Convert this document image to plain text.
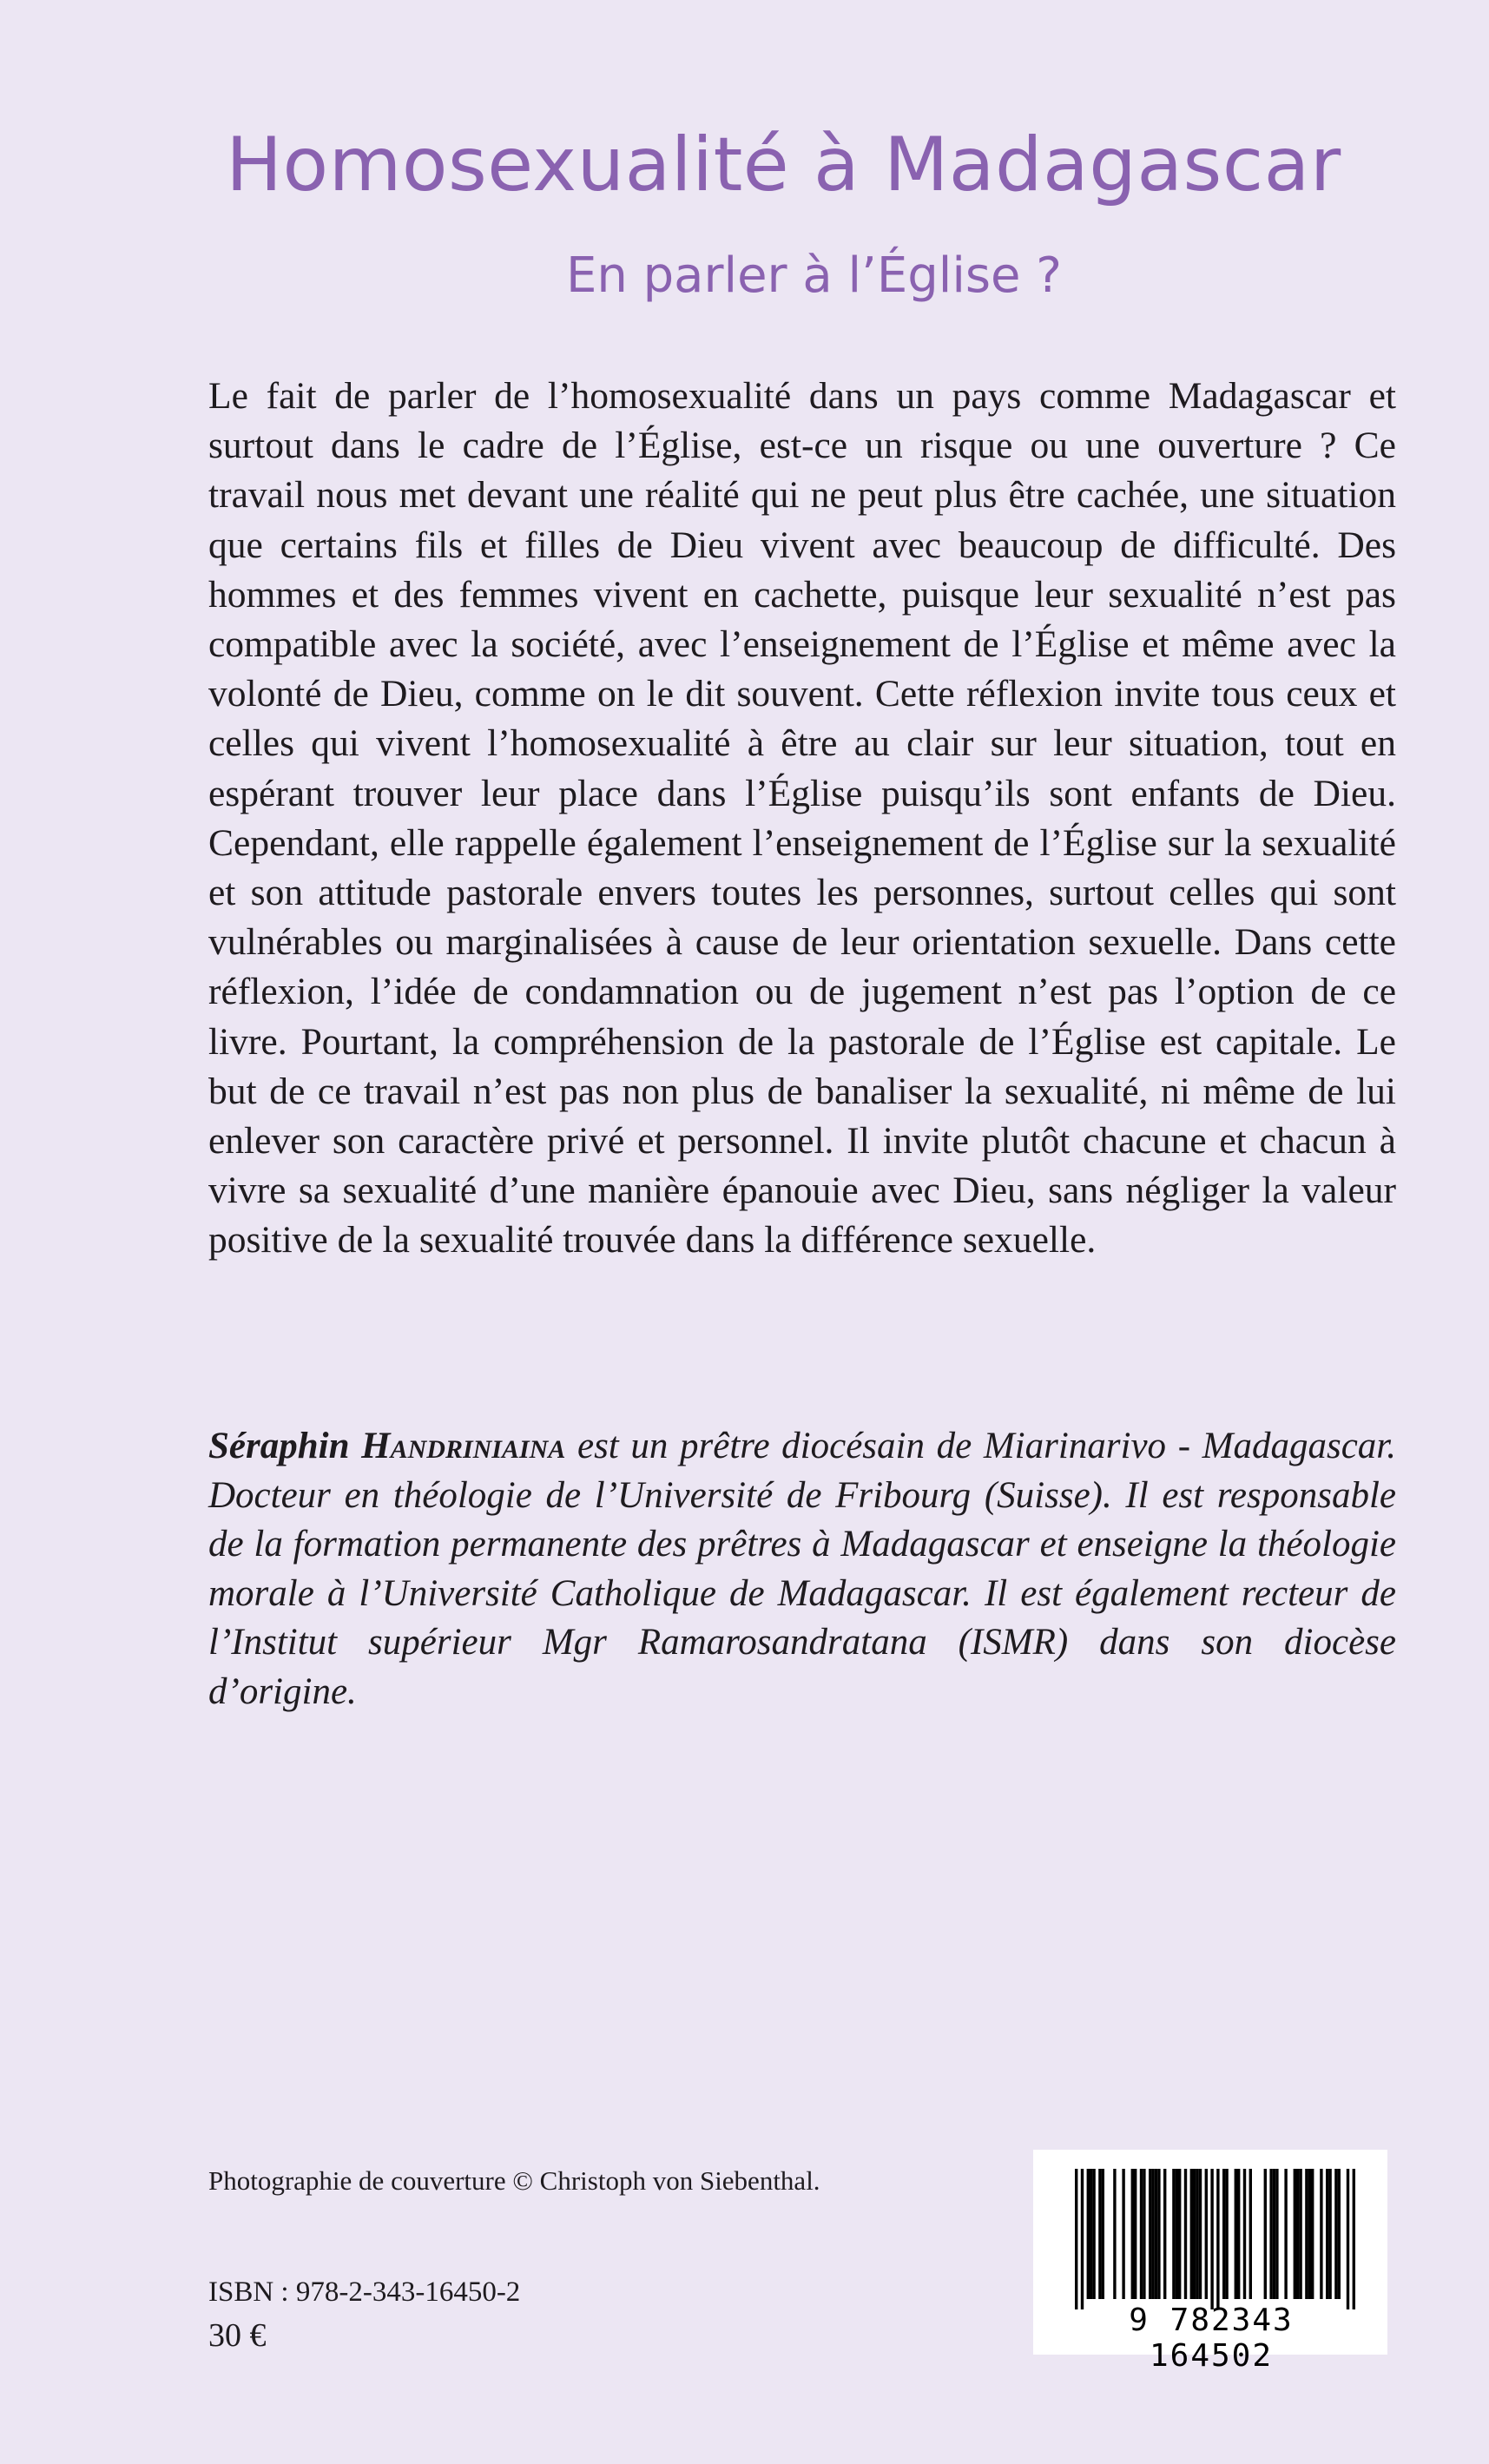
Homosexualité à Madagascar
En parler à l’Église ?

Le fait de parler de l’homosexualité dans un pays comme Madagascar et surtout dans le cadre de l’Église, est-ce un risque ou une ouverture ? Ce travail nous met devant une réalité qui ne peut plus être cachée, une situation que certains fils et filles de Dieu vivent avec beaucoup de difficulté. Des hommes et des femmes vivent en cachette, puisque leur sexualité n’est pas compatible avec la société, avec l’enseignement de l’Église et même avec la volonté de Dieu, comme on le dit souvent. Cette réflexion invite tous ceux et celles qui vivent l’homosexualité à être au clair sur leur situation, tout en espérant trouver leur place dans l’Église puisqu’ils sont enfants de Dieu. Cependant, elle rappelle également l’enseignement de l’Église sur la sexualité et son attitude pastorale envers toutes les personnes, surtout celles qui sont vulnérables ou marginalisées à cause de leur orientation sexuelle. Dans cette réflexion, l’idée de condamnation ou de jugement n’est pas l’option de ce livre. Pourtant, la compréhension de la pastorale de l’Église est capitale. Le but de ce travail n’est pas non plus de banaliser la sexualité, ni même de lui enlever son caractère privé et personnel. Il invite plutôt chacune et chacun à vivre sa sexualité d’une manière épanouie avec Dieu, sans négliger la valeur positive de la sexualité trouvée dans la différence sexuelle.

Séraphin Handriniaina est un prêtre diocésain de Miarinarivo - Madagascar. Docteur en théologie de l’Université de Fribourg (Suisse). Il est responsable de la formation permanente des prêtres à Madagascar et enseigne la théologie morale à l’Université Catholique de Madagascar. Il est également recteur de l’Institut supérieur Mgr Ramarosandratana (ISMR) dans son diocèse d’origine.

Photographie de couverture © Christoph von Siebenthal.

ISBN : 978-2-343-16450-2

30 €	9 782343 164502
